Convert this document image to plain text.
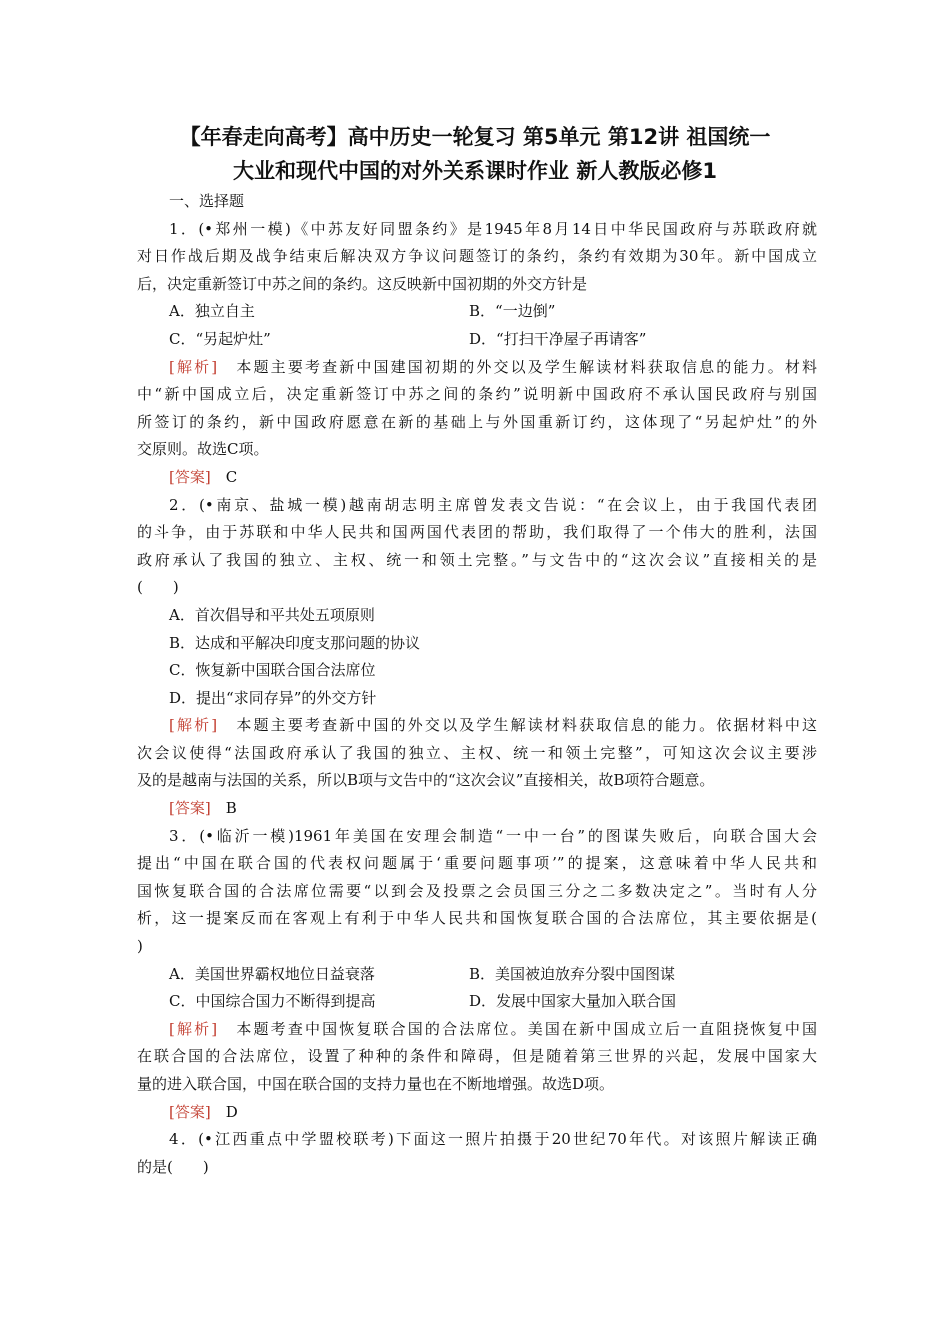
【年春走向高考】高中历史一轮复习 第5单元 第12讲 祖国统一
大业和现代中国的对外关系课时作业 新人教版必修1
一、选择题
1．(•郑州一模)《中苏友好同盟条约》是1945年8月14日中华民国政府与苏联政府就
对日作战后期及战争结束后解决双方争议问题签订的条约，条约有效期为30年。新中国成立
后，决定重新签订中苏之间的条约。这反映新中国初期的外交方针是
A．独立自主	B．“一边倒”
C．“另起炉灶”	D．“打扫干净屋子再请客”
[解析]　 本题主要考查新中国建国初期的外交以及学生解读材料获取信息的能力。材料
中“新中国成立后，决定重新签订中苏之间的条约”说明新中国政府不承认国民政府与别国
所签订的条约，新中国政府愿意在新的基础上与外国重新订约，这体现了“另起炉灶”的外
交原则。故选C项。
[答案]　 C
2．(•南京、盐城一模)越南胡志明主席曾发表文告说：“在会议上，由于我国代表团
的斗争，由于苏联和中华人民共和国两国代表团的帮助，我们取得了一个伟大的胜利，法国
政府承认了我国的独立、主权、统一和领土完整。”与文告中的“这次会议”直接相关的是
(　　)
A．首次倡导和平共处五项原则
B．达成和平解决印度支那问题的协议
C．恢复新中国联合国合法席位
D．提出“求同存异”的外交方针
[解析]　 本题主要考查新中国的外交以及学生解读材料获取信息的能力。依据材料中这
次会议使得“法国政府承认了我国的独立、主权、统一和领土完整”，可知这次会议主要涉
及的是越南与法国的关系，所以B项与文告中的“这次会议”直接相关，故B项符合题意。
[答案]　 B
3．(•临沂一模)1961年美国在安理会制造“一中一台”的图谋失败后，向联合国大会
提出“中国在联合国的代表权问题属于‘重要问题事项’”的提案，这意味着中华人民共和
国恢复联合国的合法席位需要“以到会及投票之会员国三分之二多数决定之”。当时有人分
析，这一提案反而在客观上有利于中华人民共和国恢复联合国的合法席位，其主要依据是(
)
A．美国世界霸权地位日益衰落	B．美国被迫放弃分裂中国图谋
C．中国综合国力不断得到提高	D．发展中国家大量加入联合国
[解析]　 本题考查中国恢复联合国的合法席位。美国在新中国成立后一直阻挠恢复中国
在联合国的合法席位，设置了种种的条件和障碍，但是随着第三世界的兴起，发展中国家大
量的进入联合国，中国在联合国的支持力量也在不断地增强。故选D项。
[答案]　 D
4．(•江西重点中学盟校联考)下面这一照片拍摄于20世纪70年代。对该照片解读正确
的是(　　)
